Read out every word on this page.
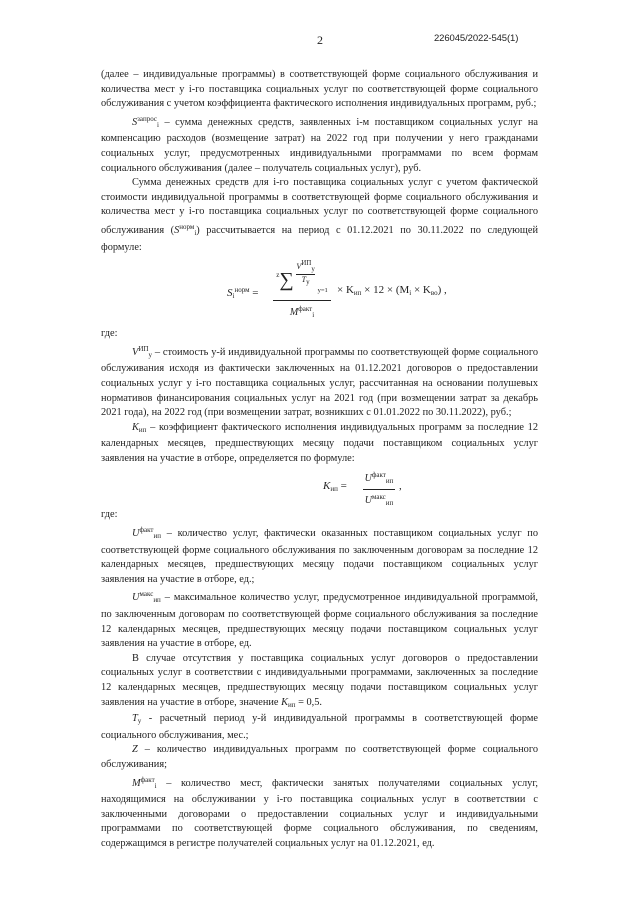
2	226045/2022-545(1)

(далее – индивидуальные программы) в соответствующей форме социального обслуживания и количества мест у i-го поставщика социальных услуг по соответствующей форме социального обслуживания с учетом коэффициента фактического исполнения индивидуальных программ, руб.;

$S^{запрос}_i$ – сумма денежных средств, заявленных i-м поставщиком социальных услуг на компенсацию расходов (возмещение затрат) на 2022 год при получении у него гражданами социальных услуг, предусмотренных индивидуальными программами по всем формам социального обслуживания (далее – получатель социальных услуг), руб.

Сумма денежных средств для i-го поставщика социальных услуг с учетом фактической стоимости индивидуальной программы в соответствующей форме социального обслуживания и количества мест у i-го поставщика социальных услуг по соответствующей форме социального обслуживания $(S^{норм}_i)$ рассчитывается на период с 01.12.2021 по 30.11.2022 по следующей формуле:

$S_i^{норм}$ =
$^z$∑
$V^{ИП}_y$
$T_y$
$_{y=1}$
$M^{факт}_i$
× $K_{ип} \times 12 \times (M_i \times K_{во})$ ,

где:

$V^{ИП}_y$ – стоимость y-й индивидуальной программы по соответствующей форме социального обслуживания исходя из фактически заключенных на 01.12.2021 договоров о предоставлении социальных услуг у i-го поставщика социальных услуг, рассчитанная на основании полушевых нормативов финансирования социальных услуг на 2021 год (при возмещении затрат за декабрь 2021 года), на 2022 год (при возмещении затрат, возникших с 01.01.2022 по 30.11.2022), руб.;

$K_{ип}$ – коэффициент фактического исполнения индивидуальных программ за последние 12 календарных месяцев, предшествующих месяцу подачи поставщиком социальных услуг заявления на участие в отборе, определяется по формуле:

$K_{ип}$ =
$U^{факт}_{ип}$
$U^{макс}_{ип}$
,

где:

$U^{факт}_{ип}$ – количество услуг, фактически оказанных поставщиком социальных услуг по соответствующей форме социального обслуживания по заключенным договорам за последние 12 календарных месяцев, предшествующих месяцу подачи поставщиком социальных услуг заявления на участие в отборе, ед.;

$U^{макс}_{ип}$ – максимальное количество услуг, предусмотренное индивидуальной программой, по заключенным договорам по соответствующей форме социального обслуживания за последние 12 календарных месяцев, предшествующих месяцу подачи поставщиком социальных услуг заявления на участие в отборе, ед.

В случае отсутствия у поставщика социальных услуг договоров о предоставлении социальных услуг в соответствии с индивидуальными программами, заключенных за последние 12 календарных месяцев, предшествующих месяцу подачи поставщиком социальных услуг заявления на участие в отборе, значение $K_{ип} = 0,5$.

$T_y$ - расчетный период y-й индивидуальной программы в соответствующей форме социального обслуживания, мес.;

Z – количество индивидуальных программ по соответствующей форме социального обслуживания;

$M^{факт}_i$ – количество мест, фактически занятых получателями социальных услуг, находящимися на обслуживании у i-го поставщика социальных услуг в соответствии с заключенными договорами о предоставлении социальных услуг и индивидуальными программами по соответствующей форме социального обслуживания, по сведениям, содержащимся в регистре получателей социальных услуг на 01.12.2021, ед.
